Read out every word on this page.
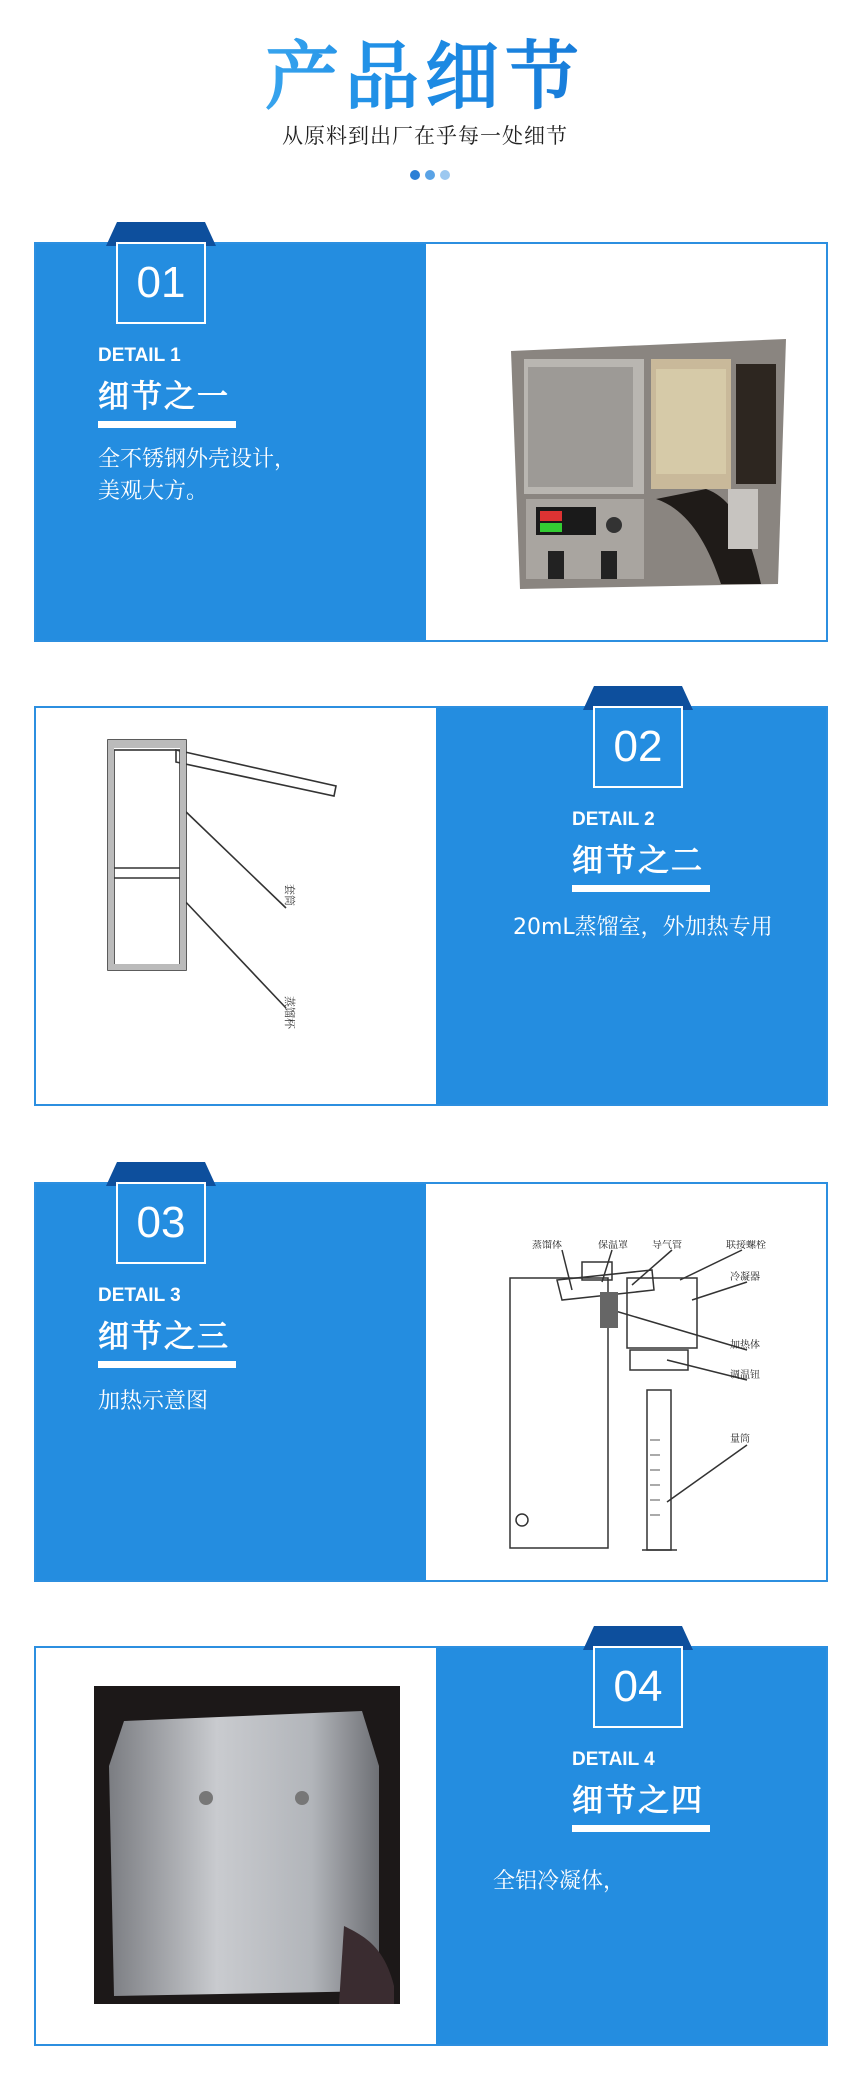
产品细节
从原料到出厂在乎每一处细节
01
DETAIL 1
细节之一
全不锈钢外壳设计，
美观大方。
套筒
蒸馏杯
02
DETAIL 2
细节之二
20mL蒸馏室，外加热专用
03
DETAIL 3
细节之三
加热示意图
蒸馏体	保温罩 导气管	联接螺栓
冷凝器
加热体
调温钮
量筒
04
DETAIL 4
细节之四
全铝冷凝体，
